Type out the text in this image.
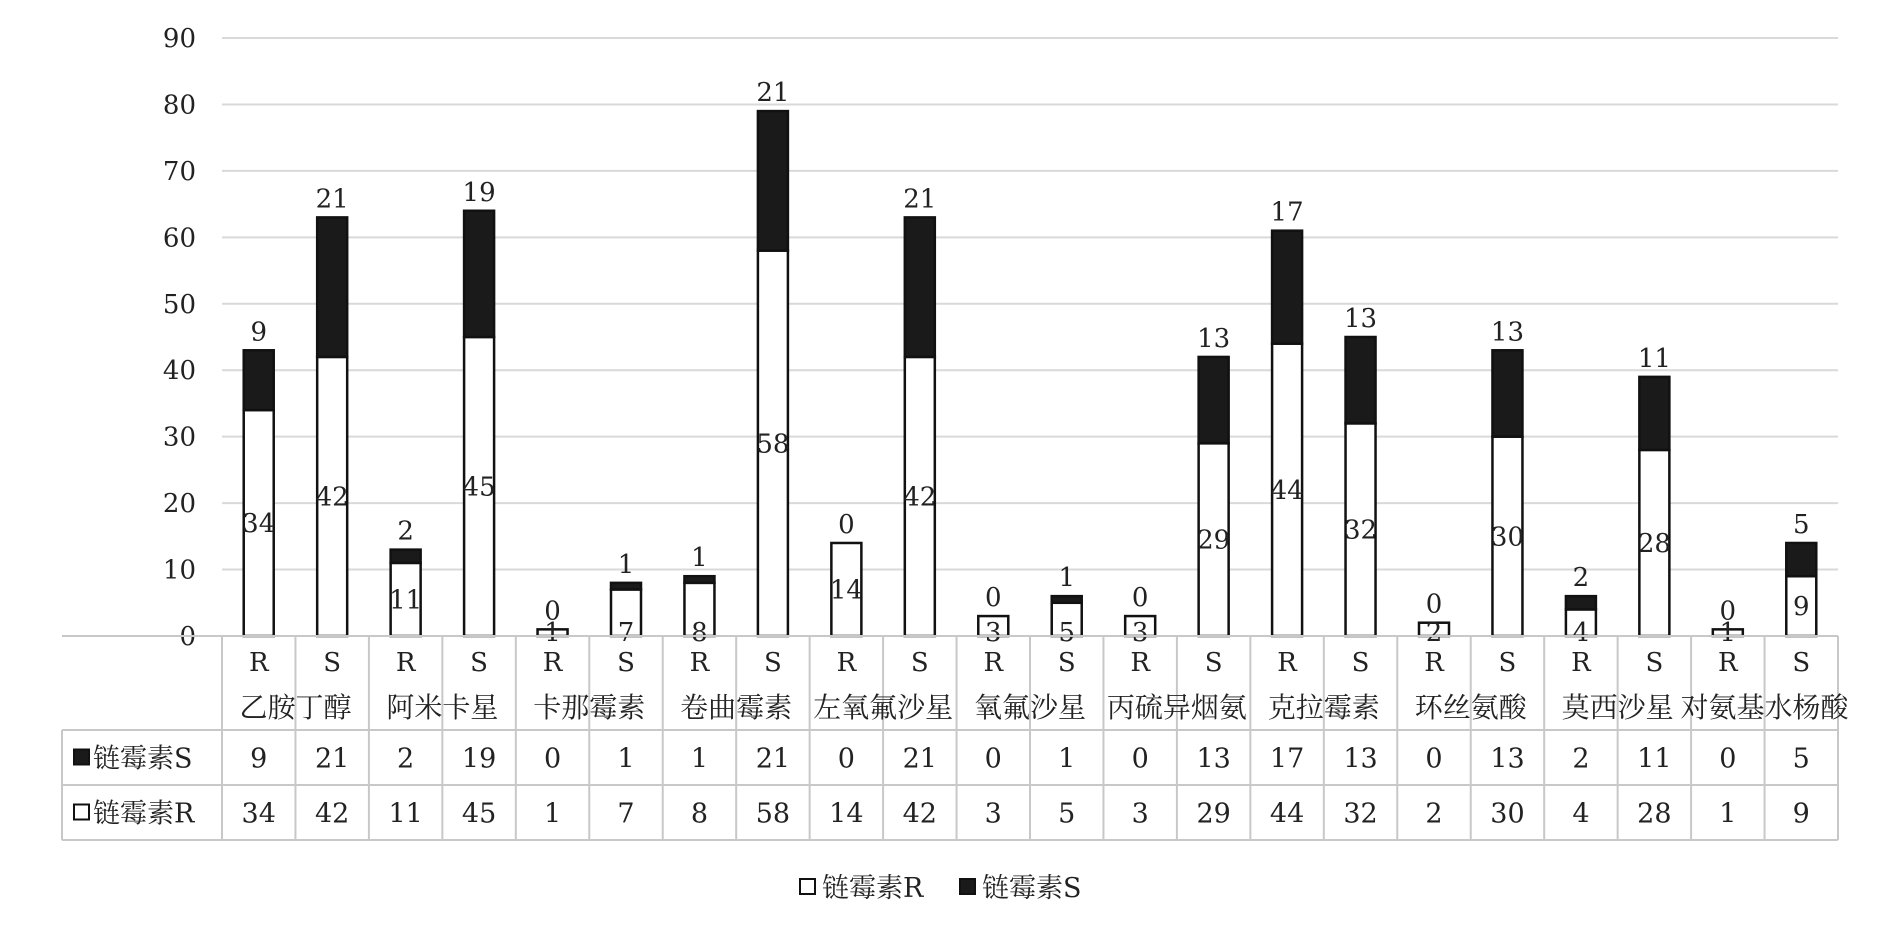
0
10
20
30
40
50
60
70
80
90
34
9
42
21
11
2
45
19
1
0
7
1
8
1
58
21
14
0
42
21
3
0
5
1
3
0
29
13
44
17
32
13
2
0
30
13
4
2
28
11
1
0 9
5
R S R S R S R S R S R S R S R S R S R S R S
乙胺丁醇 阿米卡星 卡那霉素 卷曲霉素 左氧氟沙星 氧氟沙星 丙硫异烟氨 克拉霉素 环丝氨酸 莫西沙星 对氨基水杨酸
链霉素S 9 21 2 19 0 1 1 21 0 21 0 1 0 13 17 13 0 13 2 11 0 5
链霉素R 34 42 11 45 1 7 8 58 14 42 3 5 3 29 44 32 2 30 4 28 1 9
链霉素R 链霉素S
